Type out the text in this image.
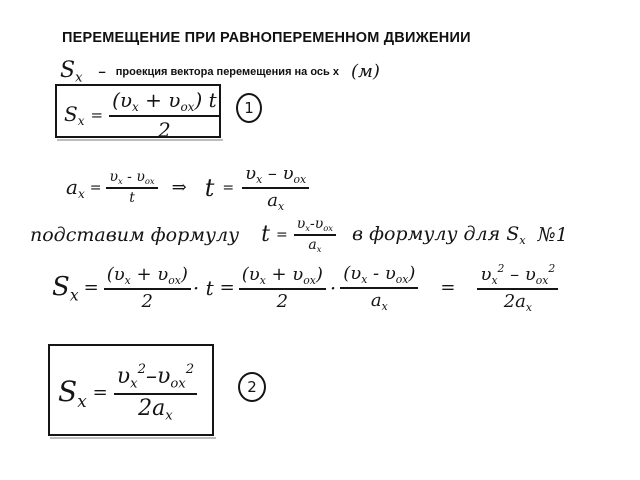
ПЕРЕМЕЩЕНИЕ ПРИ РАВНОПЕРЕМЕННОМ ДВИЖЕНИИ
$S_x$ – проекция вектора перемещения на ось х (м)
$S_x = \frac{(\upsilon_x + \upsilon_{ox}) t}{2}$	1
$a_x = \frac{\upsilon_x - \upsilon_{ox}}{t}$ ⇒ $t = \frac{\upsilon_x - \upsilon_{ox}}{a_x}$
подставим формулу $t = \frac{\upsilon_x-\upsilon_{ox}}{a_x}$ в формулу для $S_x$ №1
$S_x = \frac{(\upsilon_x + \upsilon_{ox})}{2} \cdot t = \frac{(\upsilon_x + \upsilon_{ox})}{2} \cdot \frac{(\upsilon_x - \upsilon_{ox})}{a_x} = \frac{\upsilon_x^2 - \upsilon_{ox}^2}{2a_x}$
$S_x = \frac{\upsilon_x^2-\upsilon_{ox}^2}{2a_x}$	2
